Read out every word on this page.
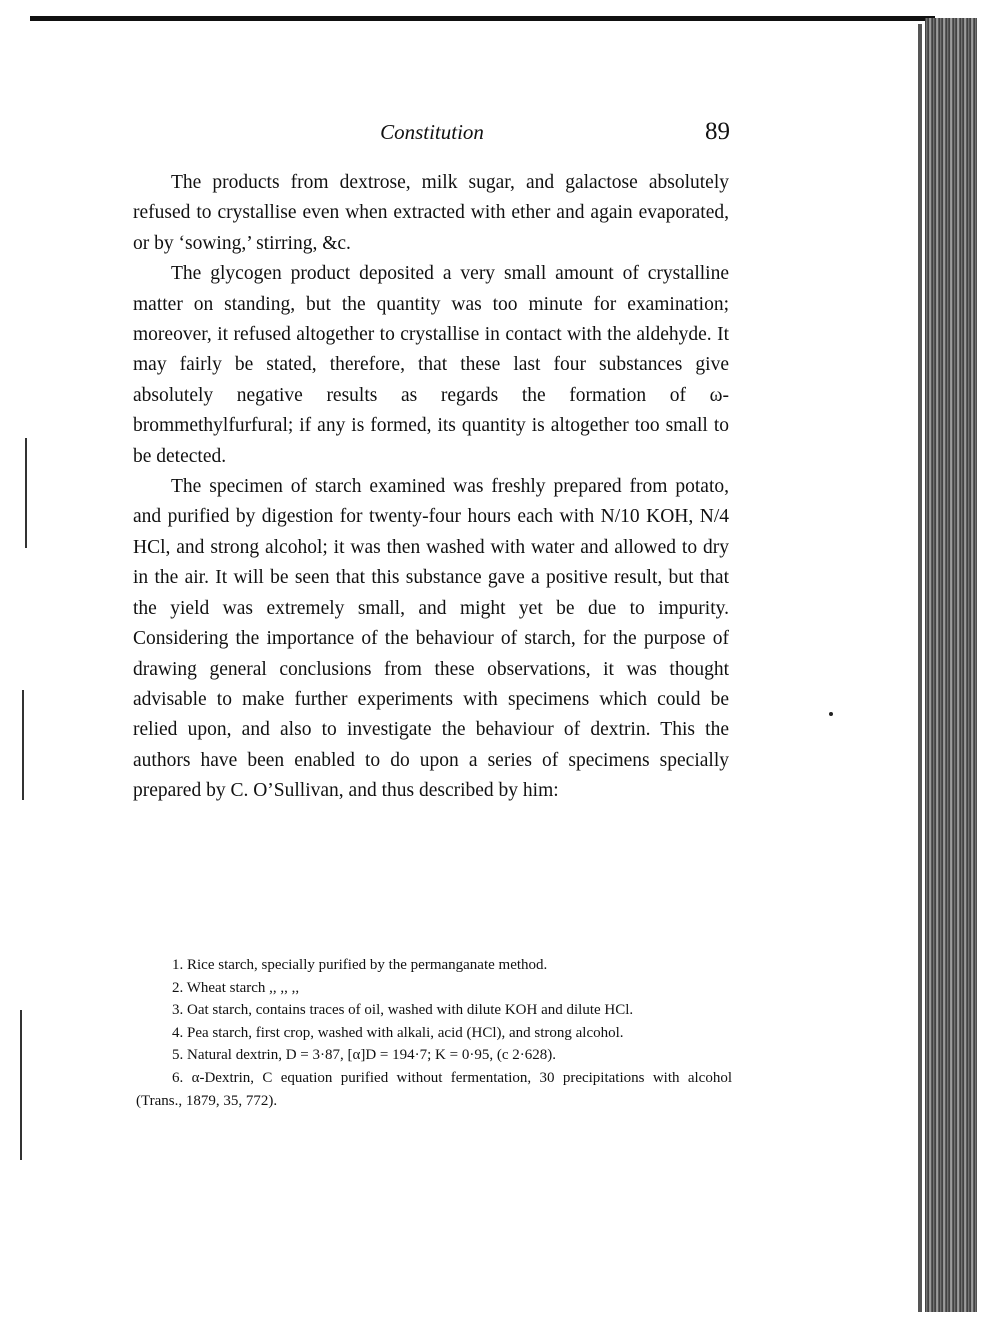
Constitution	89

The products from dextrose, milk sugar, and galactose absolutely refused to crystallise even when extracted with ether and again evaporated, or by ‘sowing,’ stirring, &c.

The glycogen product deposited a very small amount of crystalline matter on standing, but the quantity was too minute for examination; moreover, it refused altogether to crystallise in contact with the aldehyde. It may fairly be stated, therefore, that these last four substances give absolutely negative results as regards the formation of ω-brommethylfurfural; if any is formed, its quantity is altogether too small to be detected.

The specimen of starch examined was freshly prepared from potato, and purified by digestion for twenty-four hours each with N/10 KOH, N/4 HCl, and strong alcohol; it was then washed with water and allowed to dry in the air. It will be seen that this substance gave a positive result, but that the yield was extremely small, and might yet be due to impurity. Considering the importance of the behaviour of starch, for the purpose of drawing general conclusions from these observations, it was thought advisable to make further experiments with specimens which could be relied upon, and also to investigate the behaviour of dextrin. This the authors have been enabled to do upon a series of specimens specially prepared by C. O’Sullivan, and thus described by him:

1. Rice starch, specially purified by the permanganate method.

2. Wheat starch ,, ,, ,,

3. Oat starch, contains traces of oil, washed with dilute KOH and dilute HCl.

4. Pea starch, first crop, washed with alkali, acid (HCl), and strong alcohol.

5. Natural dextrin, D = 3·87, [α]D = 194·7; K = 0·95, (c 2·628).

6. α-Dextrin, C equation purified without fermentation, 30 precipitations with alcohol (Trans., 1879, 35, 772).
